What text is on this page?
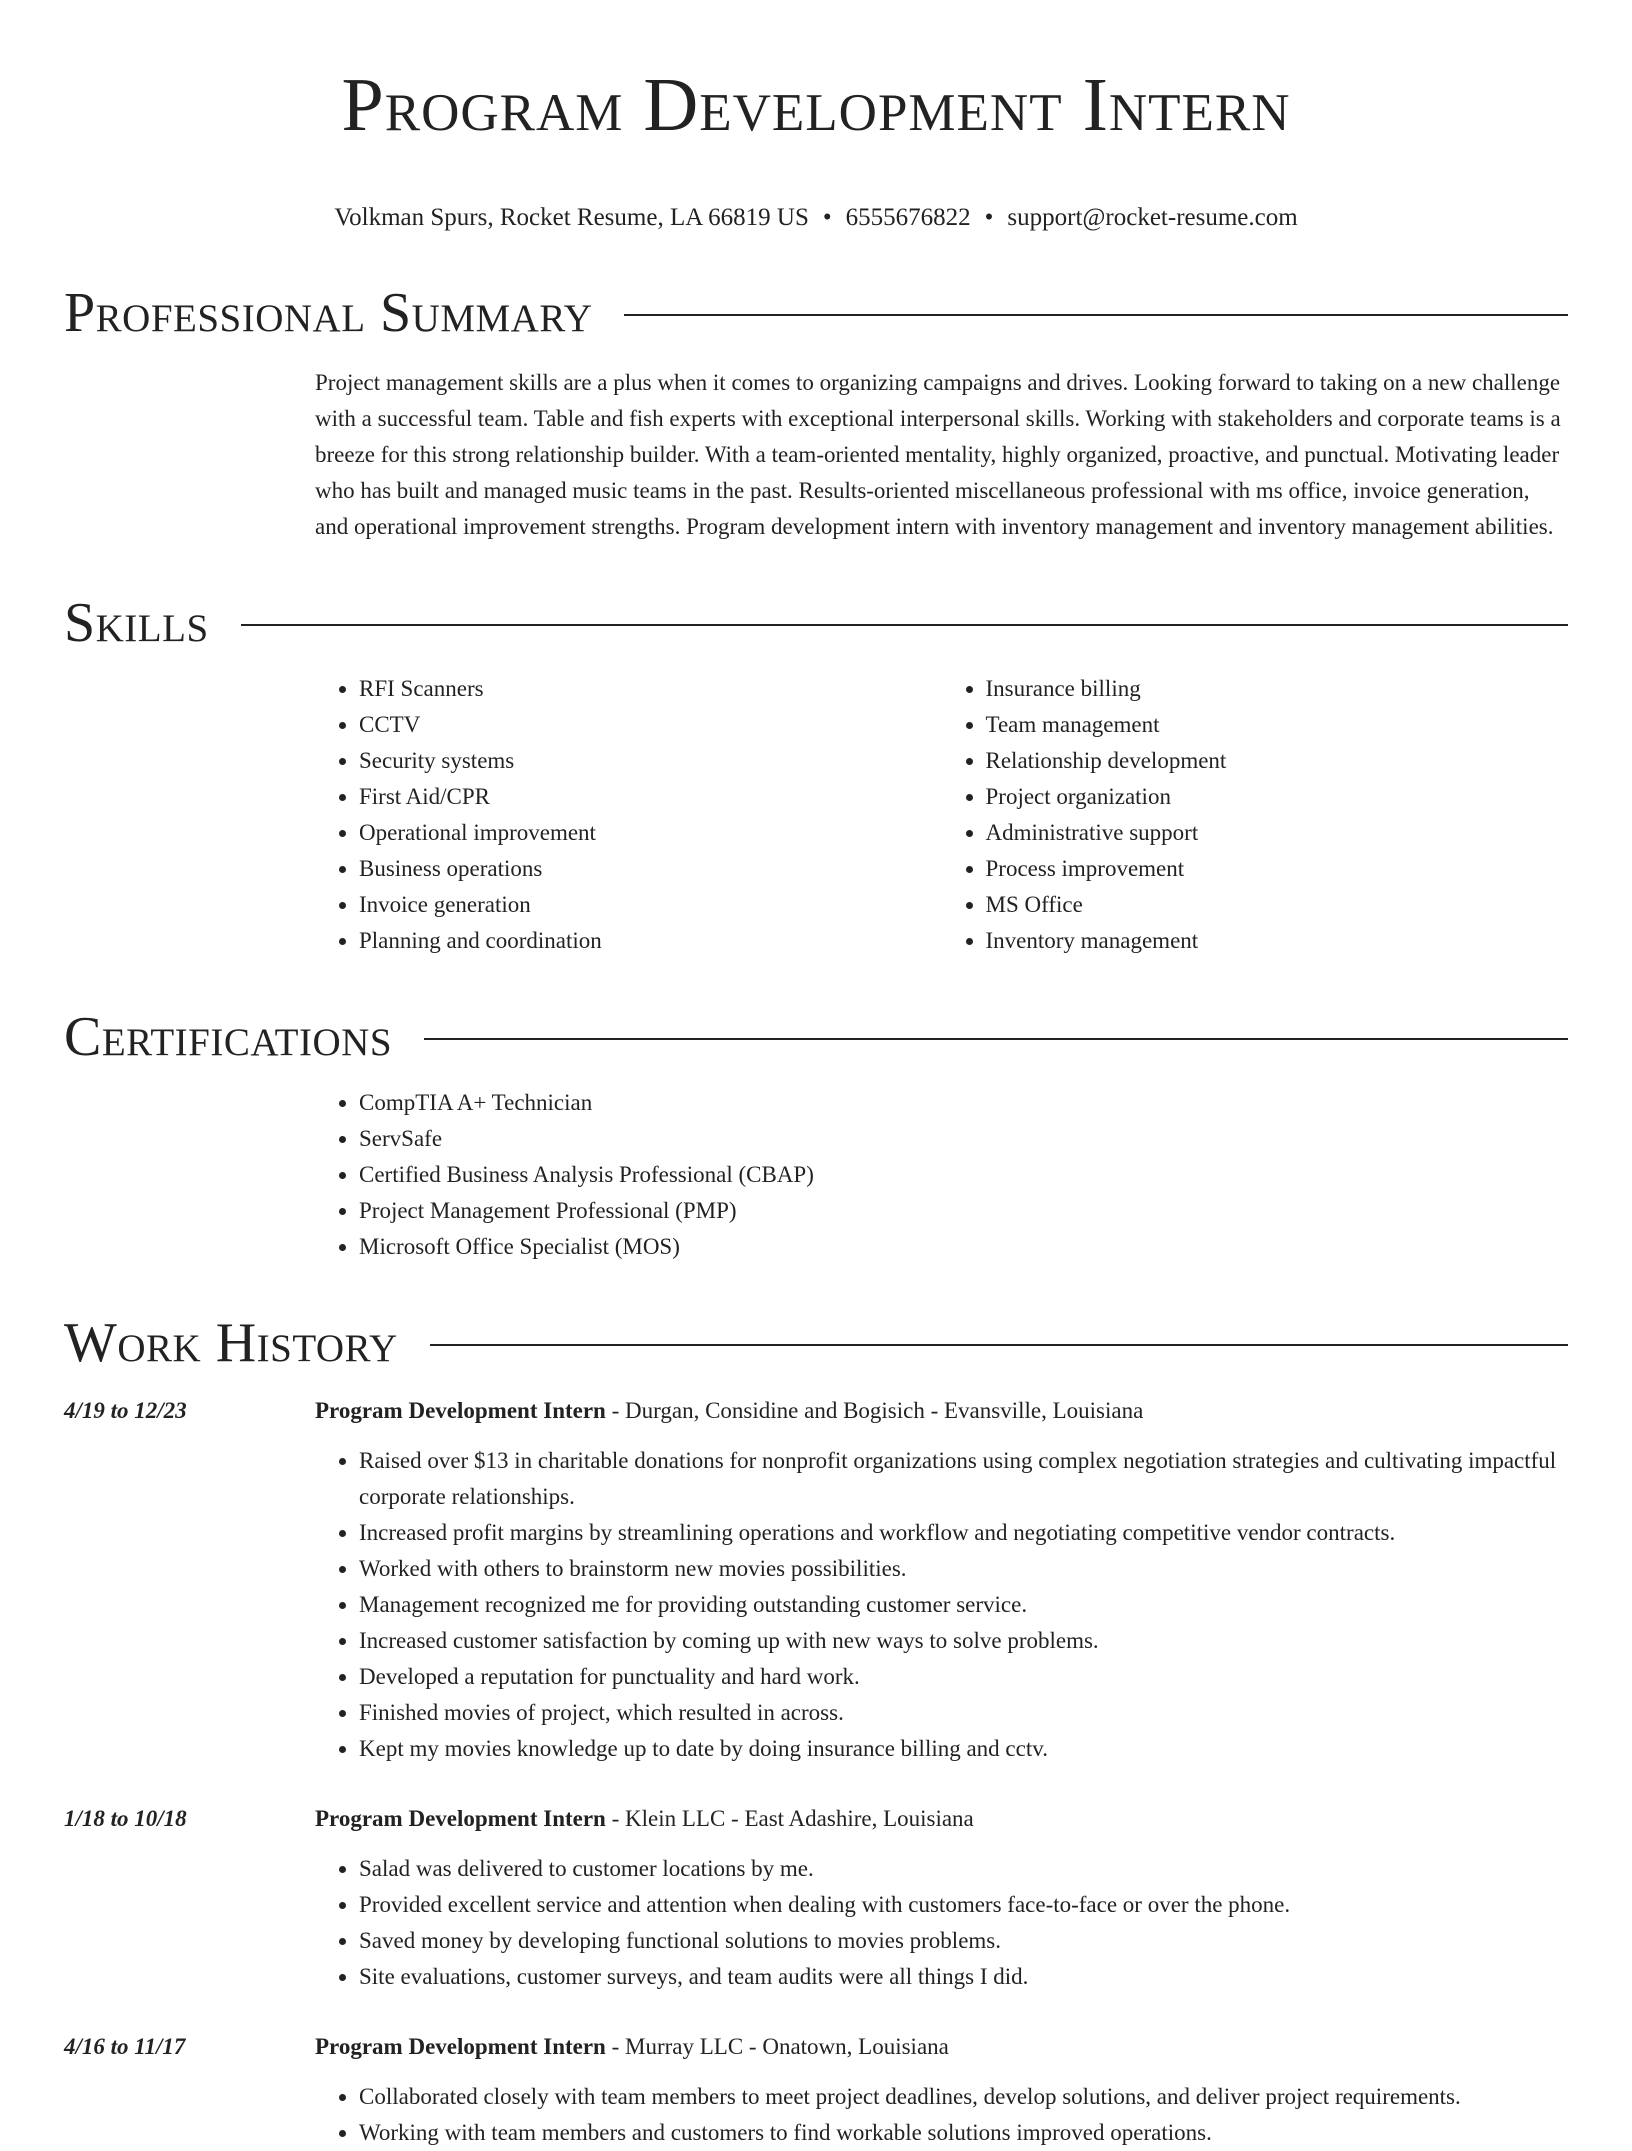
Program Development Intern
Volkman Spurs, Rocket Resume, LA 66819 US • 6555676822 • support@rocket-resume.com
Professional Summary
Project management skills are a plus when it comes to organizing campaigns and drives. Looking forward to taking on a new challenge with a successful team. Table and fish experts with exceptional interpersonal skills. Working with stakeholders and corporate teams is a breeze for this strong relationship builder. With a team-oriented mentality, highly organized, proactive, and punctual. Motivating leader who has built and managed music teams in the past. Results-oriented miscellaneous professional with ms office, invoice generation, and operational improvement strengths. Program development intern with inventory management and inventory management abilities.
Skills
• RFI Scanners
• CCTV
• Security systems
• First Aid/CPR
• Operational improvement
• Business operations
• Invoice generation
• Planning and coordination
• Insurance billing
• Team management
• Relationship development
• Project organization
• Administrative support
• Process improvement
• MS Office
• Inventory management
Certifications
• CompTIA A+ Technician
• ServSafe
• Certified Business Analysis Professional (CBAP)
• Project Management Professional (PMP)
• Microsoft Office Specialist (MOS)
Work History
4/19 to 12/23	Program Development Intern - Durgan, Considine and Bogisich - Evansville, Louisiana
• Raised over $13 in charitable donations for nonprofit organizations using complex negotiation strategies and cultivating impactful corporate relationships.
• Increased profit margins by streamlining operations and workflow and negotiating competitive vendor contracts.
• Worked with others to brainstorm new movies possibilities.
• Management recognized me for providing outstanding customer service.
• Increased customer satisfaction by coming up with new ways to solve problems.
• Developed a reputation for punctuality and hard work.
• Finished movies of project, which resulted in across.
• Kept my movies knowledge up to date by doing insurance billing and cctv.
1/18 to 10/18	Program Development Intern - Klein LLC - East Adashire, Louisiana
• Salad was delivered to customer locations by me.
• Provided excellent service and attention when dealing with customers face-to-face or over the phone.
• Saved money by developing functional solutions to movies problems.
• Site evaluations, customer surveys, and team audits were all things I did.
4/16 to 11/17	Program Development Intern - Murray LLC - Onatown, Louisiana
• Collaborated closely with team members to meet project deadlines, develop solutions, and deliver project requirements.
• Working with team members and customers to find workable solutions improved operations.
